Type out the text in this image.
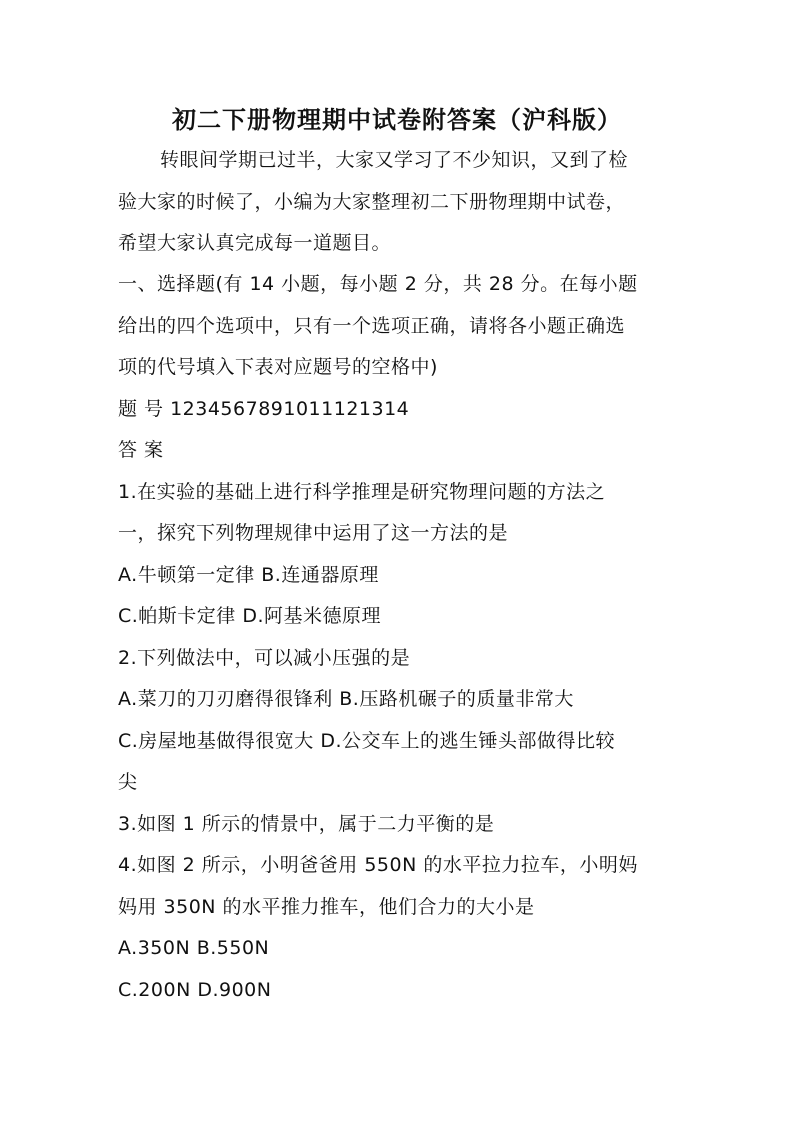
初二下册物理期中试卷附答案（沪科版）
转眼间学期已过半，大家又学习了不少知识，又到了检
验大家的时候了，小编为大家整理初二下册物理期中试卷，
希望大家认真完成每一道题目。
一、选择题(有 14 小题，每小题 2 分，共 28 分。在每小题
给出的四个选项中，只有一个选项正确，请将各小题正确选
项的代号填入下表对应题号的空格中)
题 号 1234567891011121314
答 案
1.在实验的基础上进行科学推理是研究物理问题的方法之
一，探究下列物理规律中运用了这一方法的是
A.牛顿第一定律 B.连通器原理
C.帕斯卡定律 D.阿基米德原理
2.下列做法中，可以减小压强的是
A.菜刀的刀刃磨得很锋利 B.压路机碾子的质量非常大
C.房屋地基做得很宽大 D.公交车上的逃生锤头部做得比较
尖
3.如图 1 所示的情景中，属于二力平衡的是
4.如图 2 所示，小明爸爸用 550N 的水平拉力拉车，小明妈
妈用 350N 的水平推力推车，他们合力的大小是
A.350N B.550N
C.200N D.900N
